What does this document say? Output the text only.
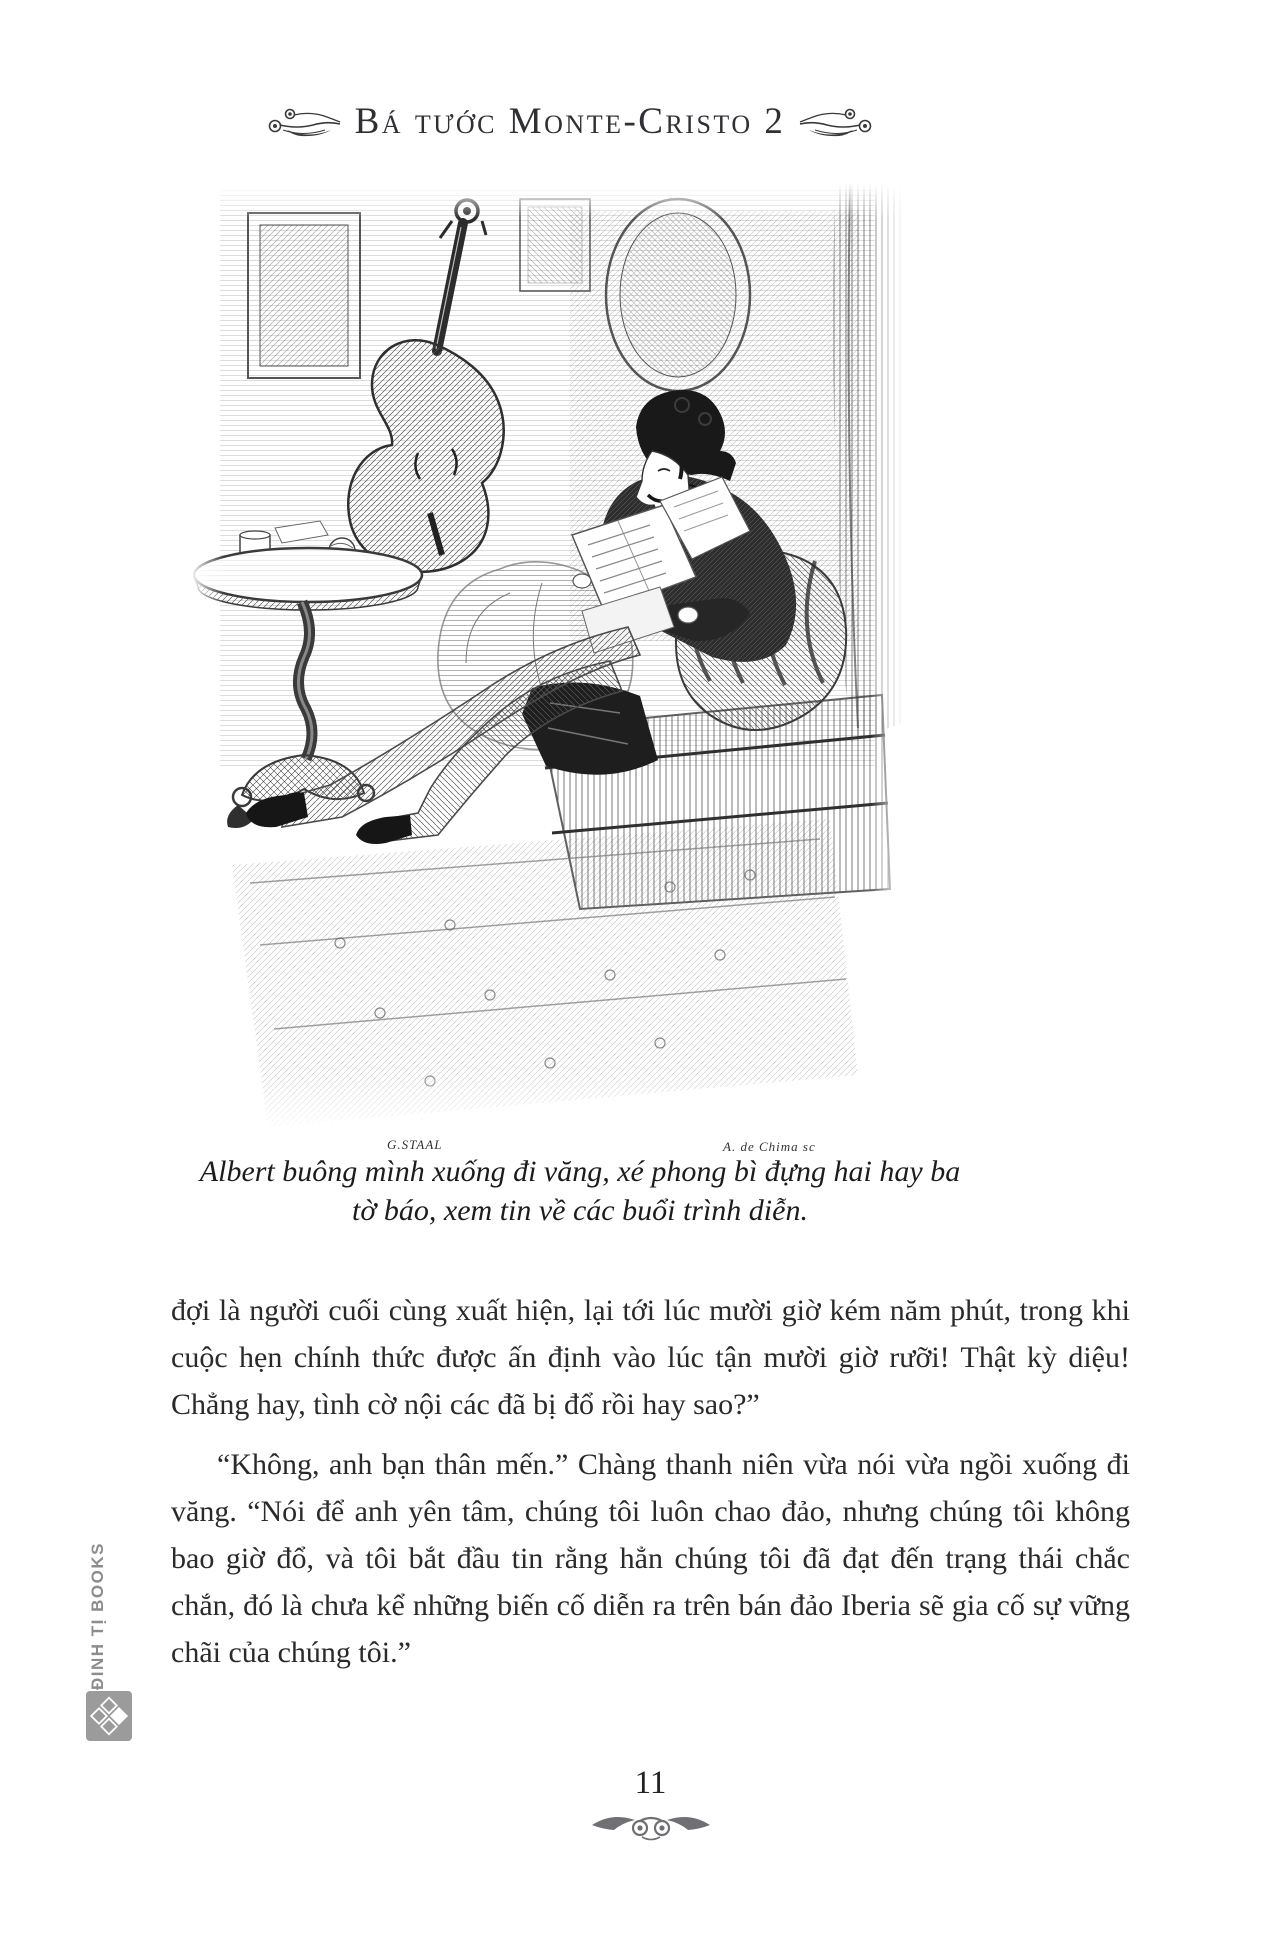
Bá tước Monte-Cristo 2
G.STAAL	A. de Chima sc
Albert buông mình xuống đi văng, xé phong bì đựng hai hay ba
tờ báo, xem tin về các buổi trình diễn.

đợi là người cuối cùng xuất hiện, lại tới lúc mười giờ kém năm phút, trong khi cuộc hẹn chính thức được ấn định vào lúc tận mười giờ rưỡi! Thật kỳ diệu! Chẳng hay, tình cờ nội các đã bị đổ rồi hay sao?”

“Không, anh bạn thân mến.” Chàng thanh niên vừa nói vừa ngồi xuống đi văng. “Nói để anh yên tâm, chúng tôi luôn chao đảo, nhưng chúng tôi không bao giờ đổ, và tôi bắt đầu tin rằng hẳn chúng tôi đã đạt đến trạng thái chắc chắn, đó là chưa kể những biến cố diễn ra trên bán đảo Iberia sẽ gia cố sự vững chãi của chúng tôi.”

ĐINH TỊ BOOKS
11
